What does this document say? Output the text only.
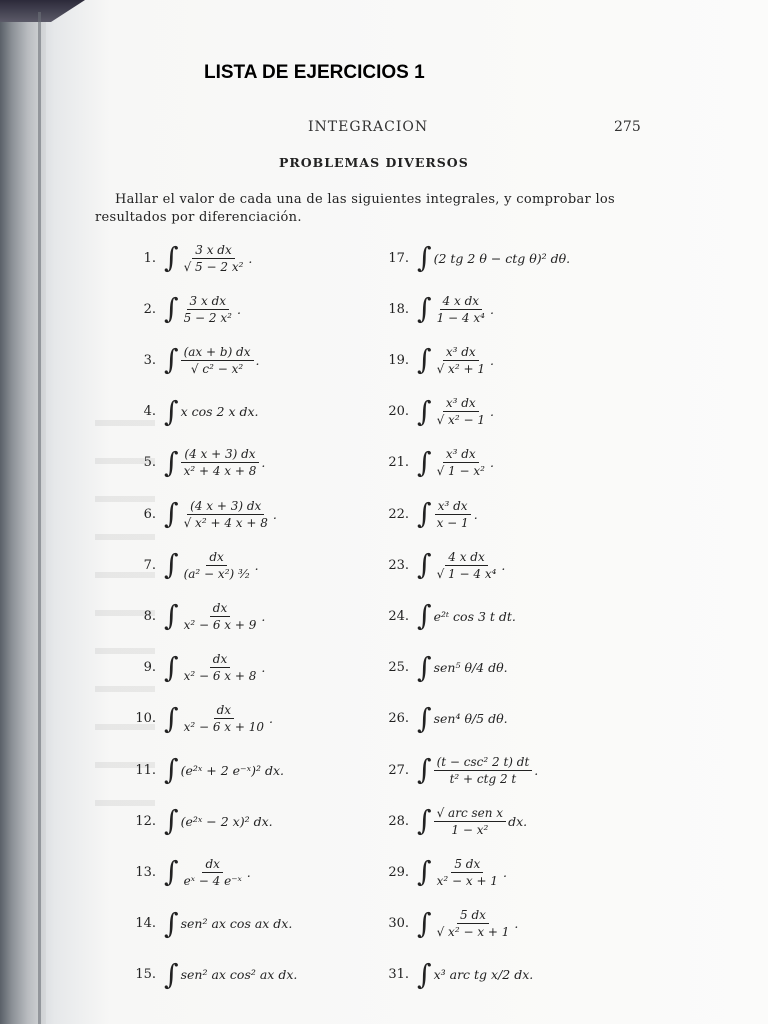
LISTA DE EJERCICIOS 1
INTEGRACION	275
PROBLEMAS DIVERSOS
Hallar el valor de cada una de las siguientes integrales, y comprobar los
resultados por diferenciación.
1. ∫ $\frac{\text{3 x dx}}{\text{√ 5 − 2 x²}}$ .
2. ∫ $\frac{\text{3 x dx}}{\text{5 − 2 x²}}$ .
3. ∫ $\frac{(ax + b) dx}{\text{√ c² − x²}}$ .
4. ∫ x cos 2 x dx.
5. ∫ $\frac{(4 x + 3) dx}{\text{x² + 4 x + 8}}$ .
6. ∫ $\frac{(4 x + 3) dx}{\text{√ x² + 4 x + 8}}$ .
7. ∫ $\frac{dx}{\text{(a² − x²) ³⁄₂}}$ .
8. ∫ $\frac{dx}{\text{x² − 6 x + 9}}$ .
9. ∫ $\frac{dx}{\text{x² − 6 x + 8}}$ .
10. ∫ $\frac{dx}{\text{x² − 6 x + 10}}$ .
11. ∫ (e²ˣ + 2 e⁻ˣ)² dx.
12. ∫ (e²ˣ − 2 x)² dx.
13. ∫ $\frac{dx}{\text{eˣ − 4 e⁻ˣ}}$ .
14. ∫ sen² ax cos ax dx.
15. ∫ sen² ax cos² ax dx.
17. ∫ (2 tg 2 θ − ctg θ)² dθ.
18. ∫ $\frac{\text{4 x dx}}{\text{1 − 4 x⁴}}$ .
19. ∫ $\frac{\text{x³ dx}}{\text{√ x² + 1}}$ .
20. ∫ $\frac{\text{x³ dx}}{\text{√ x² − 1}}$ .
21. ∫ $\frac{\text{x³ dx}}{\text{√ 1 − x²}}$ .
22. ∫ $\frac{\text{x³ dx}}{x - 1}$ .
23. ∫ $\frac{\text{4 x dx}}{\text{√ 1 − 4 x⁴}}$ .
24. ∫ e²ᵗ cos 3 t dt.
25. ∫ sen⁵ θ/4 dθ.
26. ∫ sen⁴ θ/5 dθ.
27. ∫ $\frac{\text{(t − csc² 2 t) dt}}{\text{t² + ctg 2 t}}$ .
28. ∫ $\frac{\text{√ arc sen x}}{\text{1 − x²}}$ dx.
29. ∫ $\frac{5 dx}{\text{x² − x + 1}}$ .
30. ∫ $\frac{5 dx}{\text{√ x² − x + 1}}$ .
31. ∫ x³ arc tg x/2 dx.
